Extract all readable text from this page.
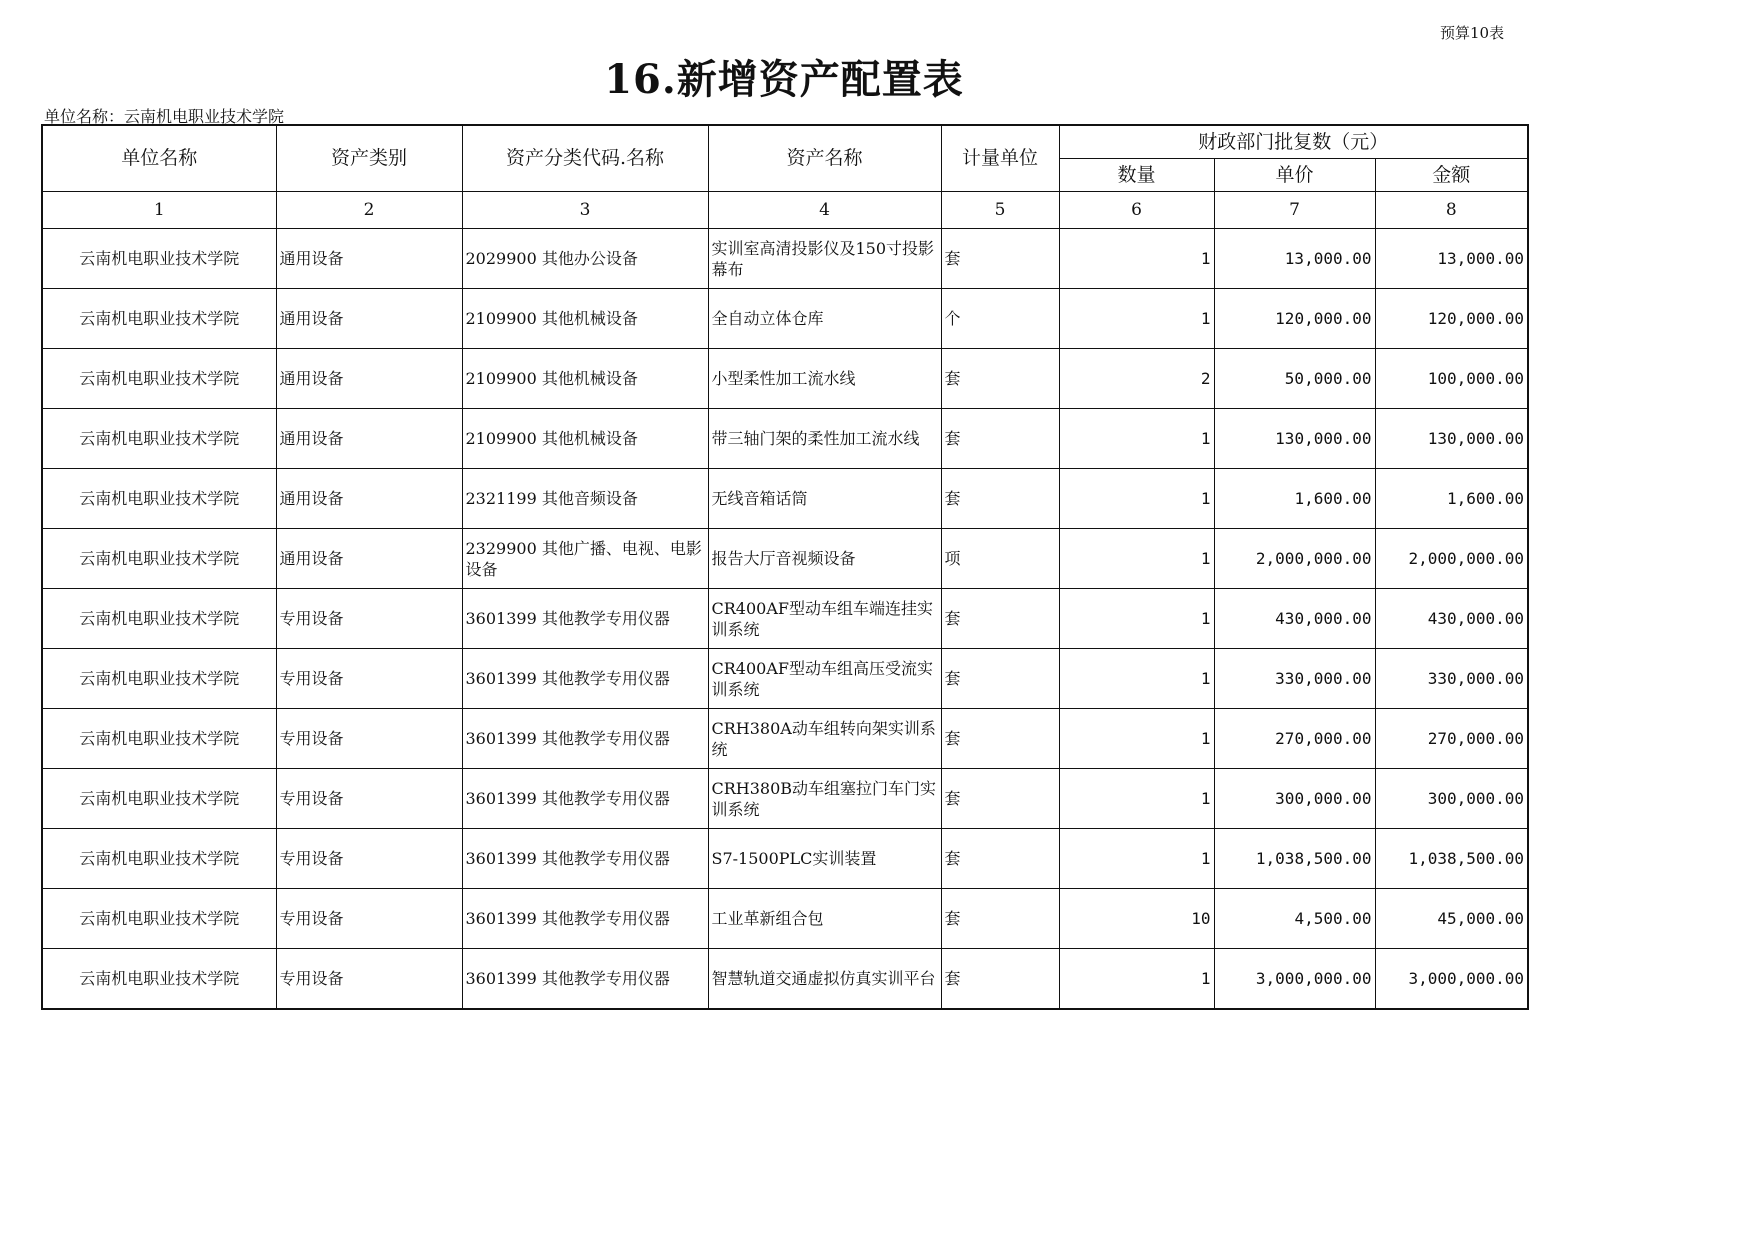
预算10表
16.新增资产配置表
单位名称：云南机电职业技术学院
单位名称	资产类别	资产分类代码.名称	资产名称	计量单位	财政部门批复数（元）		
					数量	单价	金额
1	2	3	4	5	6	7	8
云南机电职业技术学院	通用设备	2029900 其他办公设备	实训室高清投影仪及150寸投影幕布	套	1	13,000.00	13,000.00
云南机电职业技术学院	通用设备	2109900 其他机械设备	全自动立体仓库	个	1	120,000.00	120,000.00
云南机电职业技术学院	通用设备	2109900 其他机械设备	小型柔性加工流水线	套	2	50,000.00	100,000.00
云南机电职业技术学院	通用设备	2109900 其他机械设备	带三轴门架的柔性加工流水线	套	1	130,000.00	130,000.00
云南机电职业技术学院	通用设备	2321199 其他音频设备	无线音箱话筒	套	1	1,600.00	1,600.00
云南机电职业技术学院	通用设备	2329900 其他广播、电视、电影设备	报告大厅音视频设备	项	1	2,000,000.00	2,000,000.00
云南机电职业技术学院	专用设备	3601399 其他教学专用仪器	CR400AF型动车组车端连挂实训系统	套	1	430,000.00	430,000.00
云南机电职业技术学院	专用设备	3601399 其他教学专用仪器	CR400AF型动车组高压受流实训系统	套	1	330,000.00	330,000.00
云南机电职业技术学院	专用设备	3601399 其他教学专用仪器	CRH380A动车组转向架实训系统	套	1	270,000.00	270,000.00
云南机电职业技术学院	专用设备	3601399 其他教学专用仪器	CRH380B动车组塞拉门车门实训系统	套	1	300,000.00	300,000.00
云南机电职业技术学院	专用设备	3601399 其他教学专用仪器	S7-1500PLC实训装置	套	1	1,038,500.00	1,038,500.00
云南机电职业技术学院	专用设备	3601399 其他教学专用仪器	工业革新组合包	套	10	4,500.00	45,000.00
云南机电职业技术学院	专用设备	3601399 其他教学专用仪器	智慧轨道交通虚拟仿真实训平台	套	1	3,000,000.00	3,000,000.00
